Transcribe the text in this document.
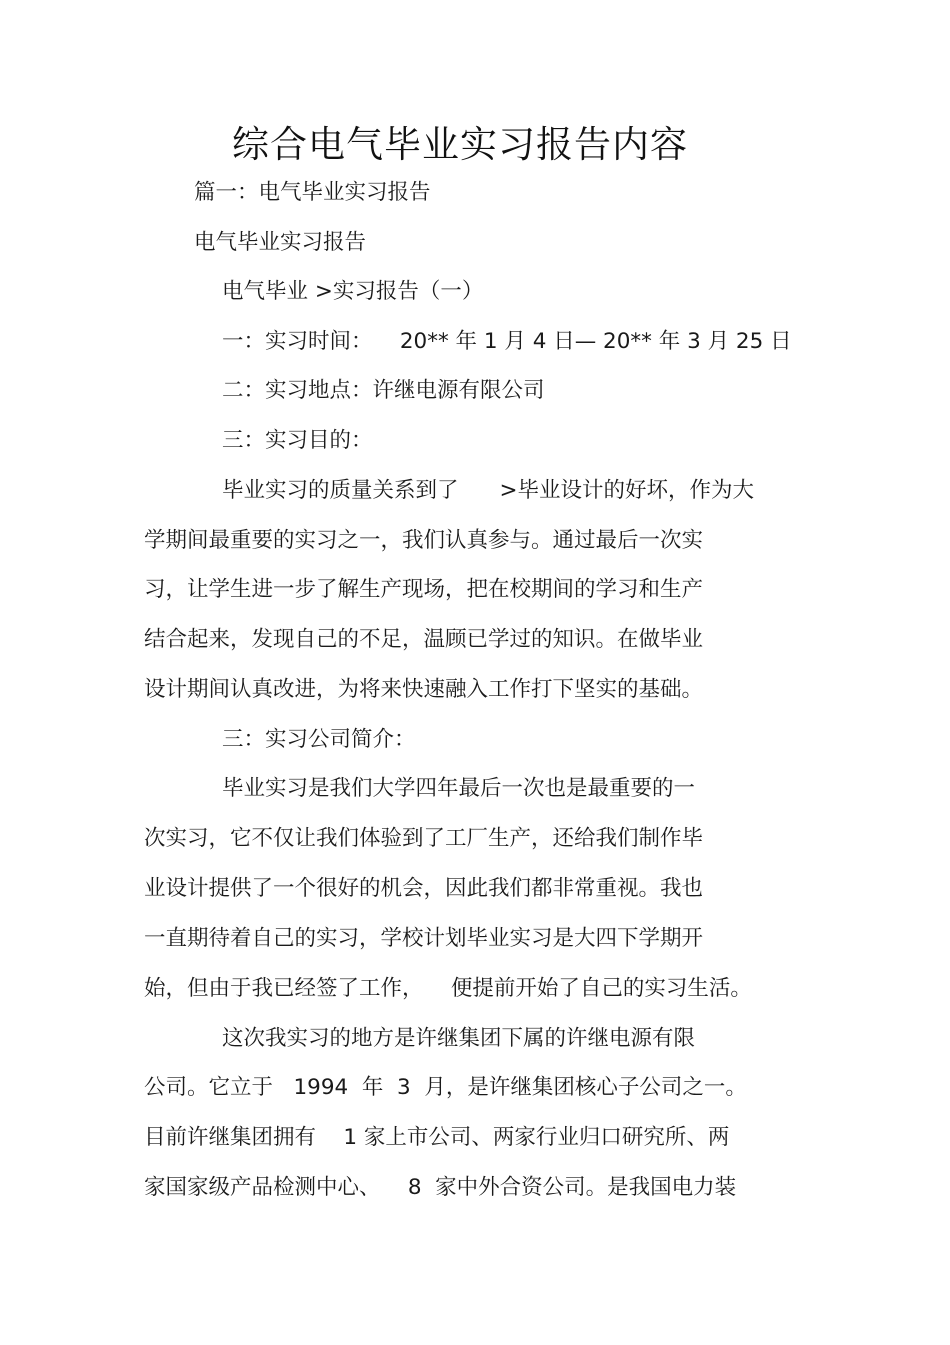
综合电气毕业实习报告内容
篇一：电气毕业实习报告
电气毕业实习报告
电气毕业 >实习报告（一）
一：实习时间：    20** 年 1 月 4 日— 20** 年 3 月 25 日
二：实习地点：许继电源有限公司
三：实习目的：
毕业实习的质量关系到了      >毕业设计的好坏，作为大
学期间最重要的实习之一，我们认真参与。通过最后一次实
习，让学生进一步了解生产现场，把在校期间的学习和生产
结合起来，发现自己的不足，温顾已学过的知识。在做毕业
设计期间认真改进，为将来快速融入工作打下坚实的基础。
三：实习公司简介：
毕业实习是我们大学四年最后一次也是最重要的一
次实习，它不仅让我们体验到了工厂生产，还给我们制作毕
业设计提供了一个很好的机会，因此我们都非常重视。我也
一直期待着自己的实习，学校计划毕业实习是大四下学期开
始，但由于我已经签了工作，    便提前开始了自己的实习生活。
这次我实习的地方是许继集团下属的许继电源有限
公司。它立于   1994  年  3  月，是许继集团核心子公司之一。
目前许继集团拥有    1 家上市公司、两家行业归口研究所、两
家国家级产品检测中心、    8  家中外合资公司。是我国电力装
